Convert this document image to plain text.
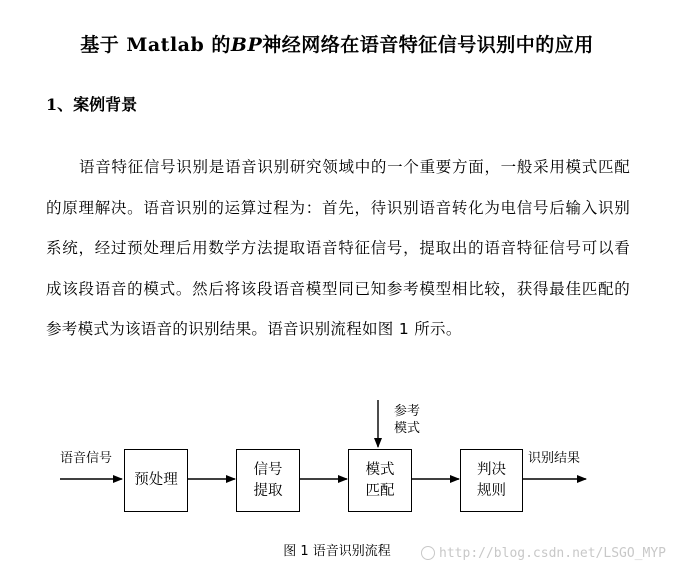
基于 Matlab 的BP神经网络在语音特征信号识别中的应用
1、案例背景
语音特征信号识别是语音识别研究领域中的一个重要方面，一般采用模式匹配的原理解决。语音识别的运算过程为：首先，待识别语音转化为电信号后输入识别系统，经过预处理后用数学方法提取语音特征信号，提取出的语音特征信号可以看成该段语音的模式。然后将该段语音模型同已知参考模型相比较，获得最佳匹配的参考模式为该语音的识别结果。语音识别流程如图 1 所示。
语音信号	识别结果
参考
模式
预处理
信号
提取
模式
匹配
判决
规则
图 1 语音识别流程	http://blog.csdn.net/LSGO_MYP
